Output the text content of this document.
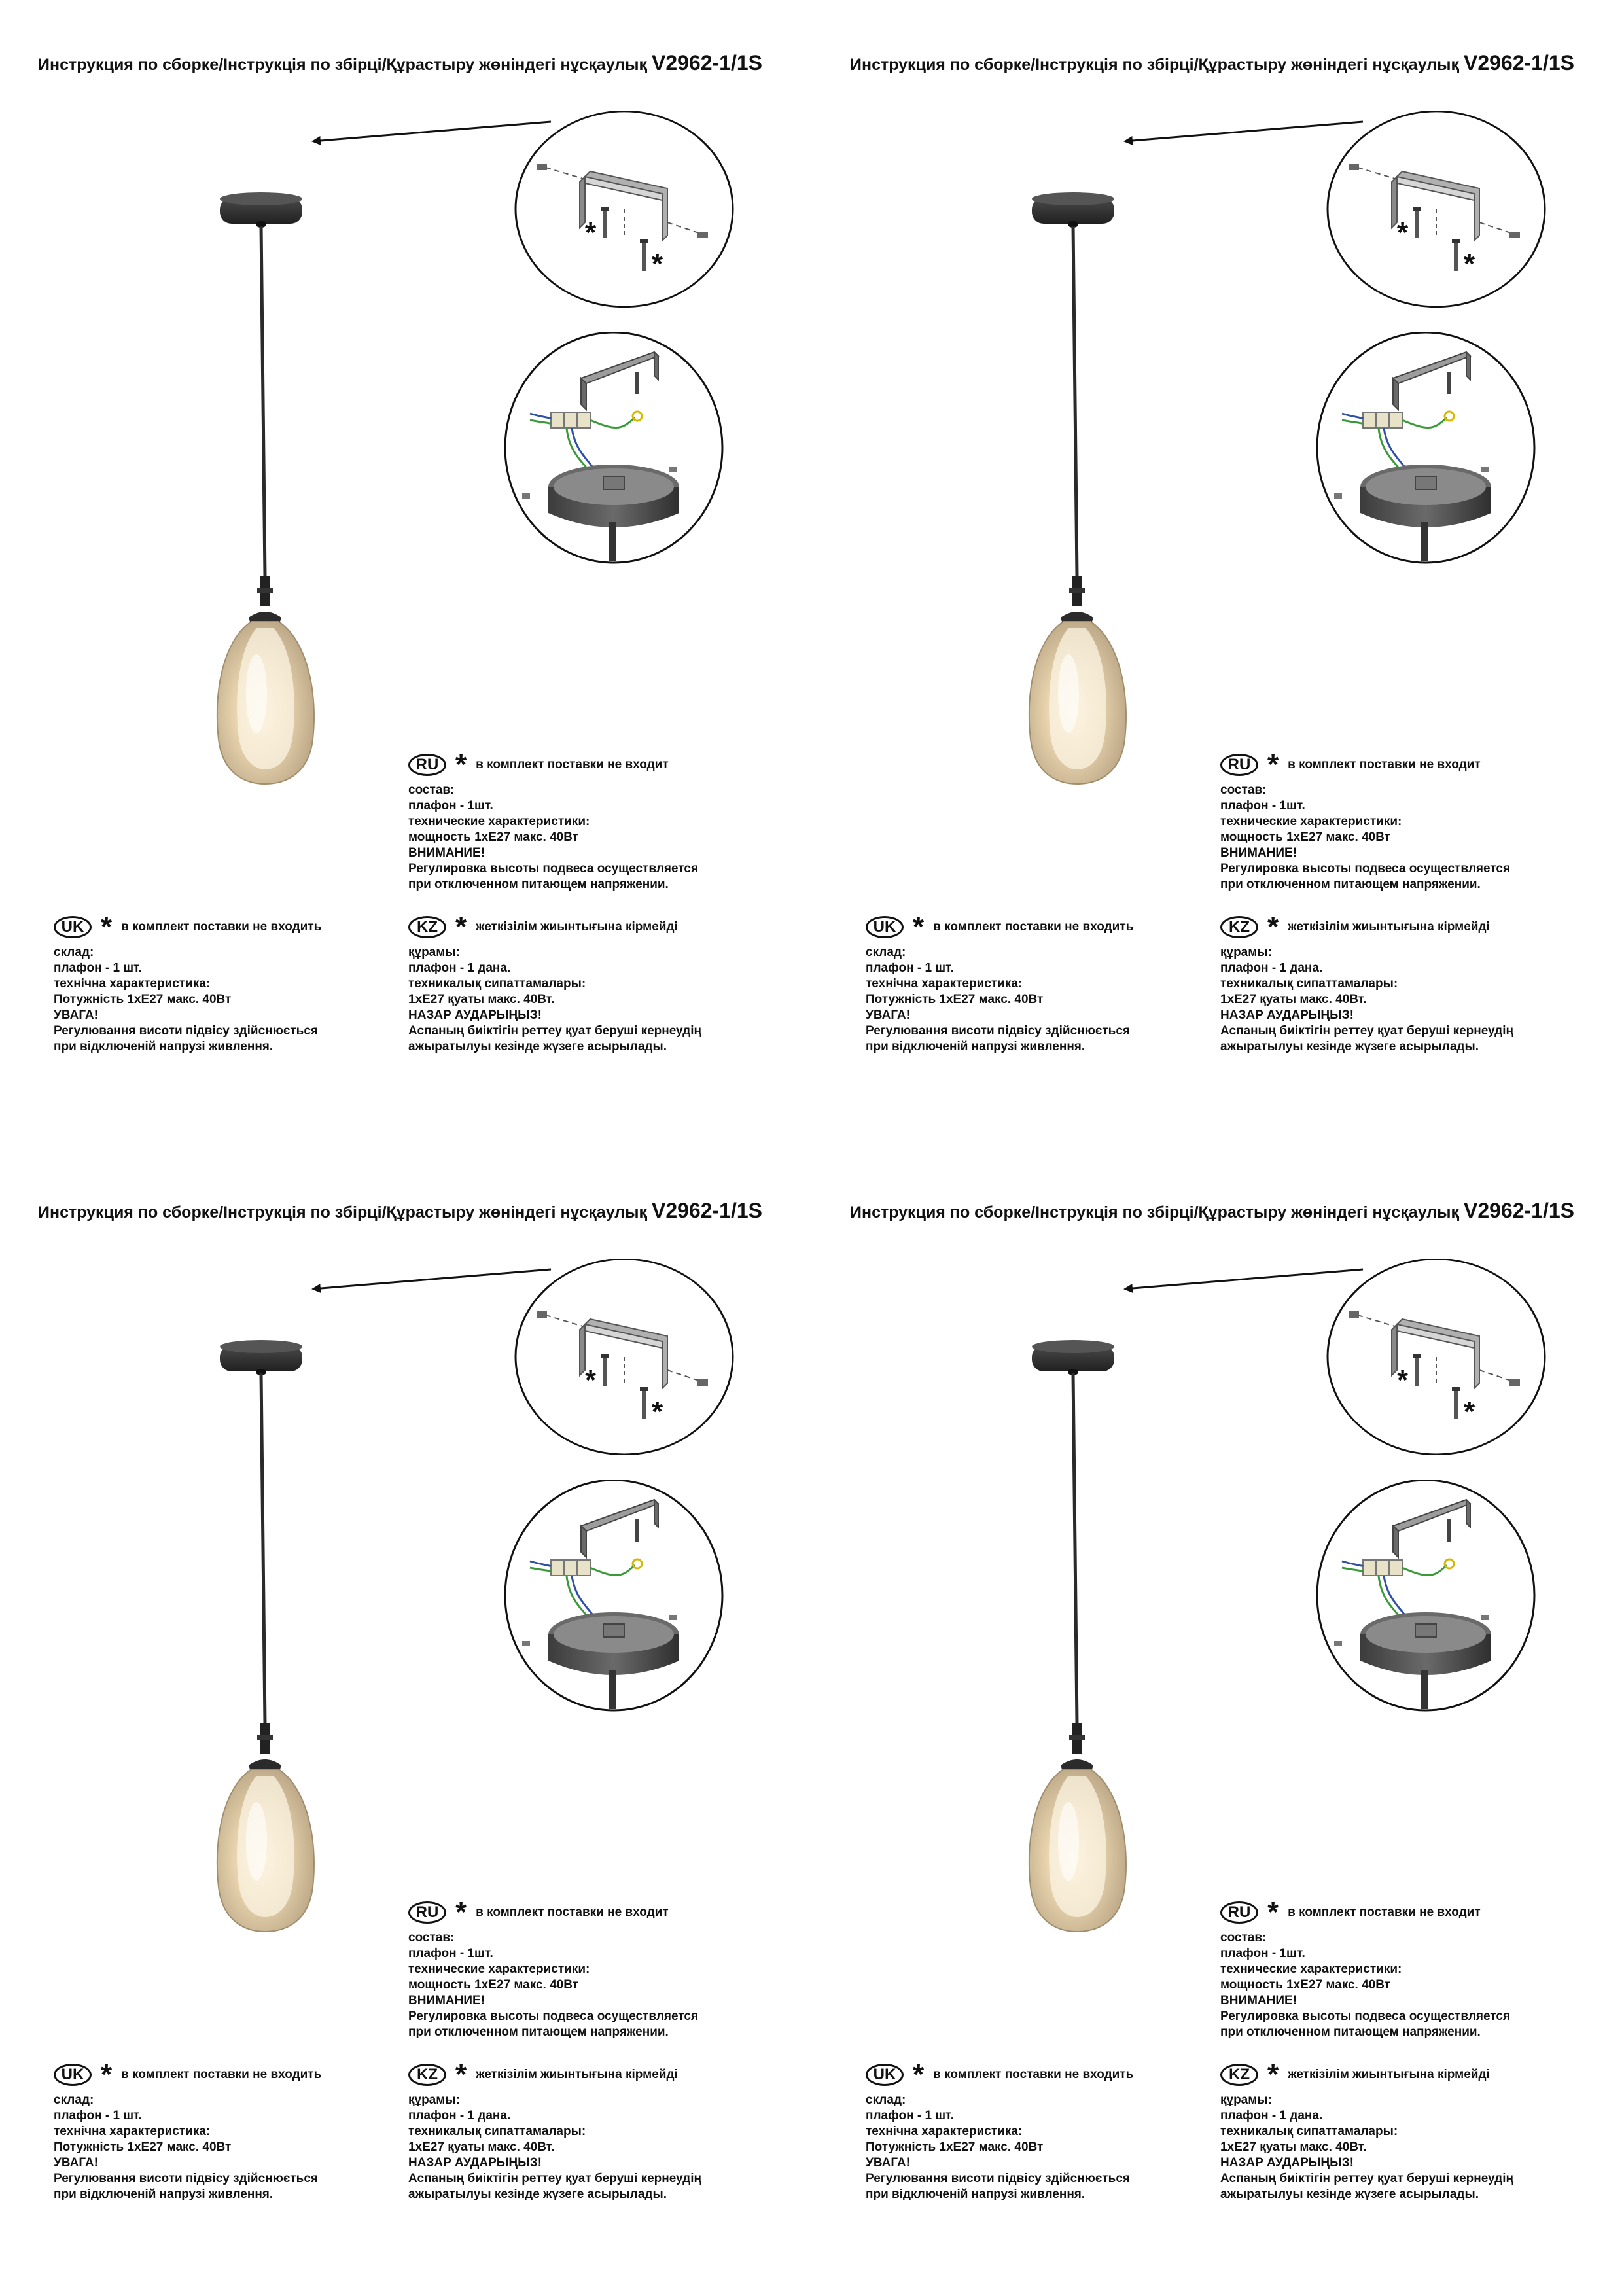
Инструкция по сборке/Інструкція по збірці/Құрастыру жөніндегі нұсқаулық V2962-1/1S
*
*
RU * в комплект поставки не входит
состав:
плафон - 1шт.
технические характеристики:
мощность 1хЕ27 макс. 40Вт
ВНИМАНИЕ!
Регулировка высоты подвеса осуществляется
при отключенном питающем напряжении.
UK * в комплект поставки не входить
склад:
плафон - 1 шт.
технічна характеристика:
Потужність 1хЕ27 макс. 40Вт
УВАГА!
Регулювання висоти підвісу здійснюється
при відключеній напрузі живлення.
KZ * жеткізілім жиынтығына кірмейді
құрамы:
плафон - 1 дана.
техникалық сипаттамалары:
1хЕ27 қуаты макс. 40Вт.
НАЗАР АУДАРЫҢЫЗ!
Аспаның биіктігін реттеу қуат беруші кернеудің
ажыратылуы кезінде жүзеге асырылады.
Инструкция по сборке/Інструкція по збірці/Құрастыру жөніндегі нұсқаулық V2962-1/1S
*
*
RU * в комплект поставки не входит
состав:
плафон - 1шт.
технические характеристики:
мощность 1хЕ27 макс. 40Вт
ВНИМАНИЕ!
Регулировка высоты подвеса осуществляется
при отключенном питающем напряжении.
UK * в комплект поставки не входить
склад:
плафон - 1 шт.
технічна характеристика:
Потужність 1хЕ27 макс. 40Вт
УВАГА!
Регулювання висоти підвісу здійснюється
при відключеній напрузі живлення.
KZ * жеткізілім жиынтығына кірмейді
құрамы:
плафон - 1 дана.
техникалық сипаттамалары:
1хЕ27 қуаты макс. 40Вт.
НАЗАР АУДАРЫҢЫЗ!
Аспаның биіктігін реттеу қуат беруші кернеудің
ажыратылуы кезінде жүзеге асырылады.
Инструкция по сборке/Інструкція по збірці/Құрастыру жөніндегі нұсқаулық V2962-1/1S
*
*
RU * в комплект поставки не входит
состав:
плафон - 1шт.
технические характеристики:
мощность 1хЕ27 макс. 40Вт
ВНИМАНИЕ!
Регулировка высоты подвеса осуществляется
при отключенном питающем напряжении.
UK * в комплект поставки не входить
склад:
плафон - 1 шт.
технічна характеристика:
Потужність 1хЕ27 макс. 40Вт
УВАГА!
Регулювання висоти підвісу здійснюється
при відключеній напрузі живлення.
KZ * жеткізілім жиынтығына кірмейді
құрамы:
плафон - 1 дана.
техникалық сипаттамалары:
1хЕ27 қуаты макс. 40Вт.
НАЗАР АУДАРЫҢЫЗ!
Аспаның биіктігін реттеу қуат беруші кернеудің
ажыратылуы кезінде жүзеге асырылады.
Инструкция по сборке/Інструкція по збірці/Құрастыру жөніндегі нұсқаулық V2962-1/1S
*
*
RU * в комплект поставки не входит
состав:
плафон - 1шт.
технические характеристики:
мощность 1хЕ27 макс. 40Вт
ВНИМАНИЕ!
Регулировка высоты подвеса осуществляется
при отключенном питающем напряжении.
UK * в комплект поставки не входить
склад:
плафон - 1 шт.
технічна характеристика:
Потужність 1хЕ27 макс. 40Вт
УВАГА!
Регулювання висоти підвісу здійснюється
при відключеній напрузі живлення.
KZ * жеткізілім жиынтығына кірмейді
құрамы:
плафон - 1 дана.
техникалық сипаттамалары:
1хЕ27 қуаты макс. 40Вт.
НАЗАР АУДАРЫҢЫЗ!
Аспаның биіктігін реттеу қуат беруші кернеудің
ажыратылуы кезінде жүзеге асырылады.
